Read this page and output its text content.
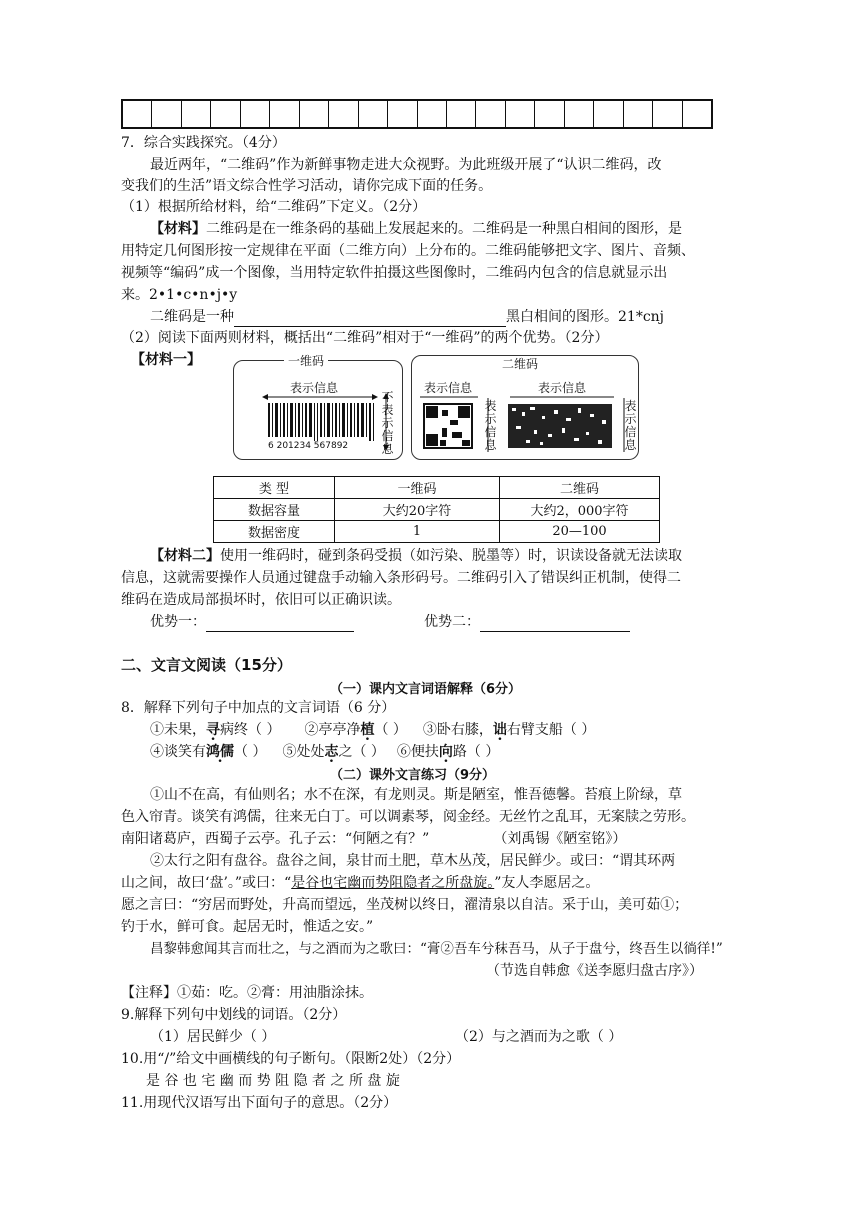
7．综合实践探究。（4分）
最近两年，“二维码”作为新鲜事物走进大众视野。为此班级开展了“认识二维码，改
变我们的生活”语文综合性学习活动，请你完成下面的任务。
（1）根据所给材料，给“二维码”下定义。（2分）
【材料】二维码是在一维条码的基础上发展起来的。二维码是一种黑白相间的图形，是
用特定几何图形按一定规律在平面（二维方向）上分布的。二维码能够把文字、图片、音频、
视频等“编码”成一个图像，当用特定软件拍摄这些图像时，二维码内包含的信息就显示出
来。2•1•c•n•j•y
二维码是一种	黑白相间的图形。21*cnj
（2）阅读下面两则材料，概括出“二维码”相对于“一维码”的两个优势。（2分）
【材料一】	一维码
表示信息
6 201234 567892
不表示信息
二维码
表示信息	表示信息
表示信息
表示信息
类 型	一维码	二维码
数据容量	大约20字符	大约2，000字符
数据密度	1	20—100
【材料二】使用一维码时，碰到条码受损（如污染、脱墨等）时，识读设备就无法读取
信息，这就需要操作人员通过键盘手动输入条形码号。二维码引入了错误纠正机制，使得二
维码在造成局部损坏时，依旧可以正确识读。
优势一：	优势二：
二、文言文阅读（15分）
（一）课内文言词语解释（6分）
8．解释下列句子中加点的文言词语（6 分）
①未果，寻病终（ ） ②亭亭净植（ ） ③卧右膝，诎右臂支船（ ）
④谈笑有鸿儒（ ） ⑤处处志之（ ） ⑥便扶向路（ ）
（二）课外文言练习（9分）
①山不在高，有仙则名；水不在深，有龙则灵。斯是陋室，惟吾德馨。苔痕上阶绿，草
色入帘青。谈笑有鸿儒，往来无白丁。可以调素琴，阅金经。无丝竹之乱耳，无案牍之劳形。
南阳诸葛庐，西蜀子云亭。孔子云：“何陋之有？”	（刘禹锡《陋室铭》）
②太行之阳有盘谷。盘谷之间，泉甘而土肥，草木丛茂，居民鲜少。或曰：“谓其环两
山之间，故曰‘盘’。”或曰：“是谷也宅幽而势阻隐者之所盘旋。”友人李愿居之。
愿之言曰：“穷居而野处，升高而望远，坐茂树以终日，濯清泉以自洁。采于山，美可茹①；
钓于水，鲜可食。起居无时，惟适之安。”
昌黎韩愈闻其言而壮之，与之酒而为之歌曰：“膏②吾车兮秣吾马，从子于盘兮，终吾生以徜徉!”
（节选自韩愈《送李愿归盘古序》）
【注释】①茹：吃。②膏：用油脂涂抹。
9.解释下列句中划线的词语。（2分）
（1）居民鲜少（ ）	（2）与之酒而为之歌（ ）
10.用“/”给文中画横线的句子断句。（限断2处）（2分）
是 谷 也 宅 幽 而 势 阻 隐 者 之 所 盘 旋
11.用现代汉语写出下面句子的意思。（2分）
